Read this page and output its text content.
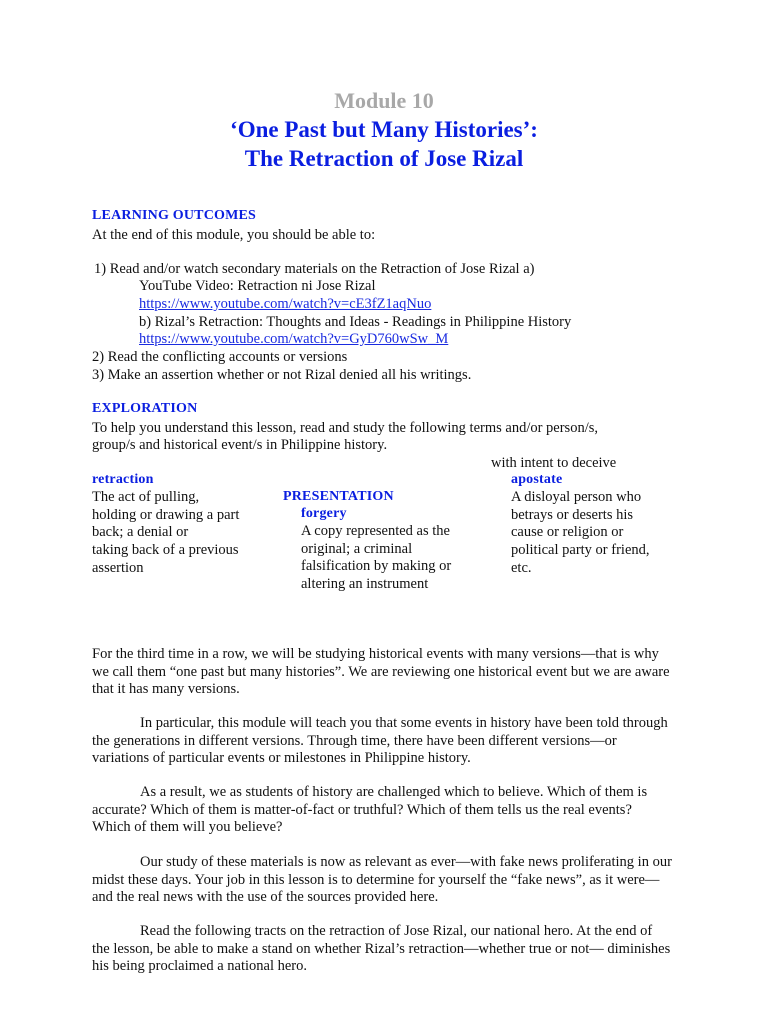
Module 10
‘One Past but Many Histories’:
The Retraction of Jose Rizal
LEARNING OUTCOMES
At the end of this module, you should be able to:
1) Read and/or watch secondary materials on the Retraction of Jose Rizal a)
YouTube Video: Retraction ni Jose Rizal
https://www.youtube.com/watch?v=cE3fZ1aqNuo
b) Rizal’s Retraction: Thoughts and Ideas - Readings in Philippine History
https://www.youtube.com/watch?v=GyD760wSw_M
2) Read the conflicting accounts or versions
3) Make an assertion whether or not Rizal denied all his writings.
EXPLORATION
To help you understand this lesson, read and study the following terms and/or person/s,
group/s and historical event/s in Philippine history.
with intent to deceive
retraction
The act of pulling,
holding or drawing a part
back; a denial or
taking back of a previous
assertion
PRESENTATION
forgery
A copy represented as the
original; a criminal
falsification by making or
altering an instrument
apostate
A disloyal person who
betrays or deserts his
cause or religion or
political party or friend,
etc.
For the third time in a row, we will be studying historical events with many versions—that is why we call them “one past but many histories”. We are reviewing one historical event but we are aware that it has many versions.
In particular, this module will teach you that some events in history have been told through the generations in different versions. Through time, there have been different versions—or variations of particular events or milestones in Philippine history.
As a result, we as students of history are challenged which to believe. Which of them is accurate? Which of them is matter-of-fact or truthful? Which of them tells us the real events? Which of them will you believe?
Our study of these materials is now as relevant as ever—with fake news proliferating in our midst these days. Your job in this lesson is to determine for yourself the “fake news”, as it were—and the real news with the use of the sources provided here.
Read the following tracts on the retraction of Jose Rizal, our national hero. At the end of the lesson, be able to make a stand on whether Rizal’s retraction—whether true or not— diminishes his being proclaimed a national hero.
